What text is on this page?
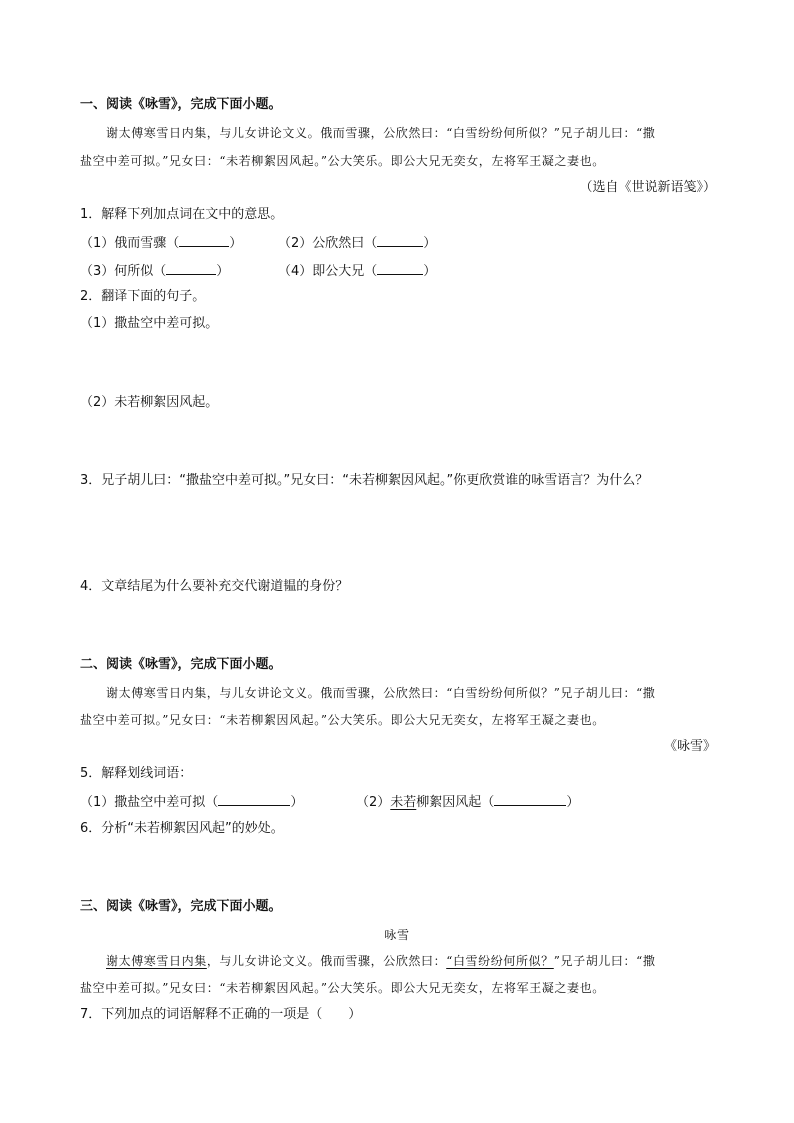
一、阅读《咏雪》，完成下面小题。
谢太傅寒雪日内集，与儿女讲论文义。俄而雪骤，公欣然曰：“白雪纷纷何所似？”兄子胡儿曰：“撒
盐空中差可拟。”兄女曰：“未若柳絮因风起。”公大笑乐。即公大兄无奕女，左将军王凝之妻也。
（选自《世说新语笺》）
1．解释下列加点词在文中的意思。
（1）俄而雪骤（	）	（2）公欣然曰（	）
（3）何所似（	）	（4）即公大兄（	）
2．翻译下面的句子。
（1）撒盐空中差可拟。
（2）未若柳絮因风起。
3．兄子胡儿曰：“撒盐空中差可拟。”兄女曰：“未若柳絮因风起。”你更欣赏谁的咏雪语言？为什么？
4．文章结尾为什么要补充交代谢道韫的身份？
二、阅读《咏雪》，完成下面小题。
谢太傅寒雪日内集，与儿女讲论文义。俄而雪骤，公欣然曰：“白雪纷纷何所似？”兄子胡儿曰：“撒
盐空中差可拟。”兄女曰：“未若柳絮因风起。”公大笑乐。即公大兄无奕女，左将军王凝之妻也。
《咏雪》
5．解释划线词语：
（1）撒盐空中差可拟（	）	（2）未若柳絮因风起（	）
6．分析“未若柳絮因风起”的妙处。
三、阅读《咏雪》，完成下面小题。
咏雪
谢太傅寒雪日内集，与儿女讲论文义。俄而雪骤，公欣然曰：“白雪纷纷何所似？”兄子胡儿曰：“撒
盐空中差可拟。”兄女曰：“未若柳絮因风起。”公大笑乐。即公大兄无奕女，左将军王凝之妻也。
7．下列加点的词语解释不正确的一项是（　　）
